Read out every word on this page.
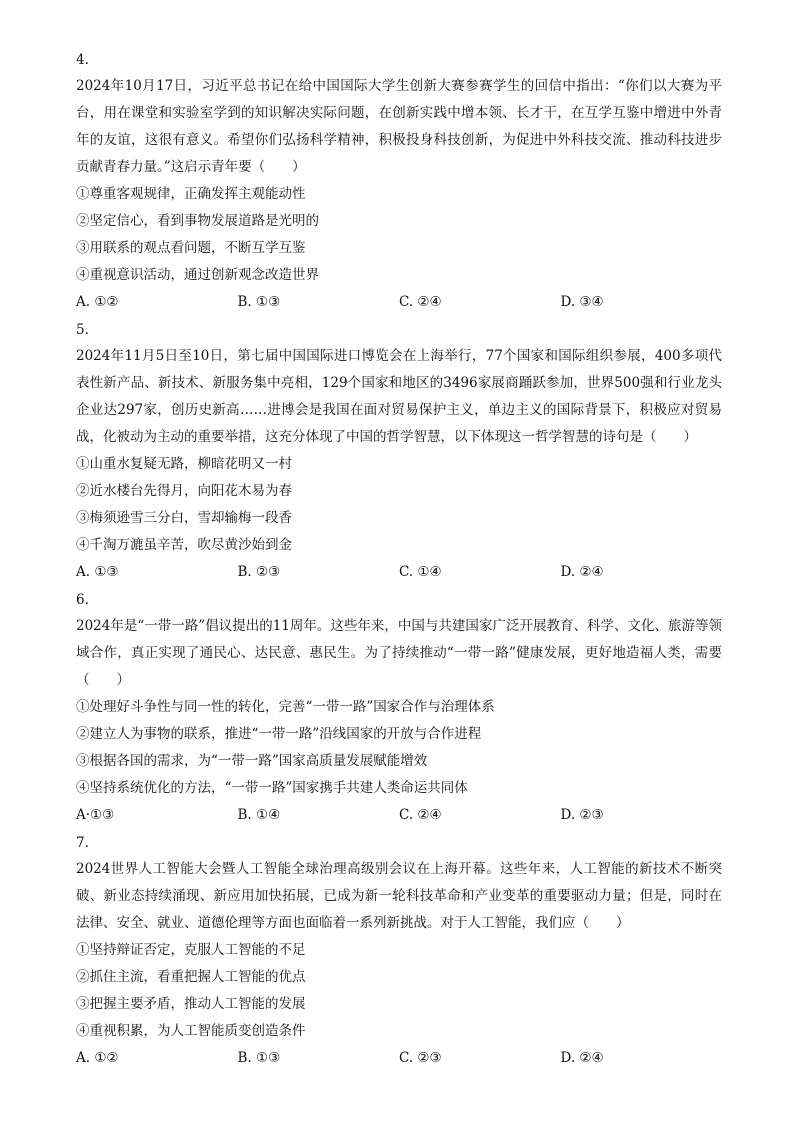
4.
2024年10月17日，习近平总书记在给中国国际大学生创新大赛参赛学生的回信中指出：“你们以大赛为平台，用在课堂和实验室学到的知识解决实际问题，在创新实践中增本领、长才干，在互学互鉴中增进中外青年的友谊，这很有意义。希望你们弘扬科学精神，积极投身科技创新，为促进中外科技交流、推动科技进步贡献青春力量。”这启示青年要（　　）
①尊重客观规律，正确发挥主观能动性
②坚定信心，看到事物发展道路是光明的
③用联系的观点看问题，不断互学互鉴
④重视意识活动，通过创新观念改造世界
A. ①②	B. ①③	C. ②④	D. ③④
5.
2024年11月5日至10日，第七届中国国际进口博览会在上海举行，77个国家和国际组织参展，400多项代表性新产品、新技术、新服务集中亮相，129个国家和地区的3496家展商踊跃参加，世界500强和行业龙头企业达297家，创历史新高……进博会是我国在面对贸易保护主义，单边主义的国际背景下，积极应对贸易战，化被动为主动的重要举措，这充分体现了中国的哲学智慧，以下体现这一哲学智慧的诗句是（　　）
①山重水复疑无路，柳暗花明又一村
②近水楼台先得月，向阳花木易为春
③梅须逊雪三分白，雪却输梅一段香
④千淘万漉虽辛苦，吹尽黄沙始到金
A. ①③	B. ②③	C. ①④	D. ②④
6.
2024年是“一带一路”倡议提出的11周年。这些年来，中国与共建国家广泛开展教育、科学、文化、旅游等领域合作，真正实现了通民心、达民意、惠民生。为了持续推动“一带一路”健康发展，更好地造福人类，需要（　　）
①处理好斗争性与同一性的转化，完善“一带一路”国家合作与治理体系
②建立人为事物的联系，推进“一带一路”沿线国家的开放与合作进程
③根据各国的需求，为“一带一路”国家高质量发展赋能增效
④坚持系统优化的方法，“一带一路”国家携手共建人类命运共同体
A·①③	B. ①④	C. ②④	D. ②③
7.
2024世界人工智能大会暨人工智能全球治理高级别会议在上海开幕。这些年来，人工智能的新技术不断突破、新业态持续涌现、新应用加快拓展，已成为新一轮科技革命和产业变革的重要驱动力量；但是，同时在法律、安全、就业、道德伦理等方面也面临着一系列新挑战。对于人工智能，我们应（　　）
①坚持辩证否定，克服人工智能的不足
②抓住主流，看重把握人工智能的优点
③把握主要矛盾，推动人工智能的发展
④重视积累，为人工智能质变创造条件
A. ①②	B. ①③	C. ②③	D. ②④
